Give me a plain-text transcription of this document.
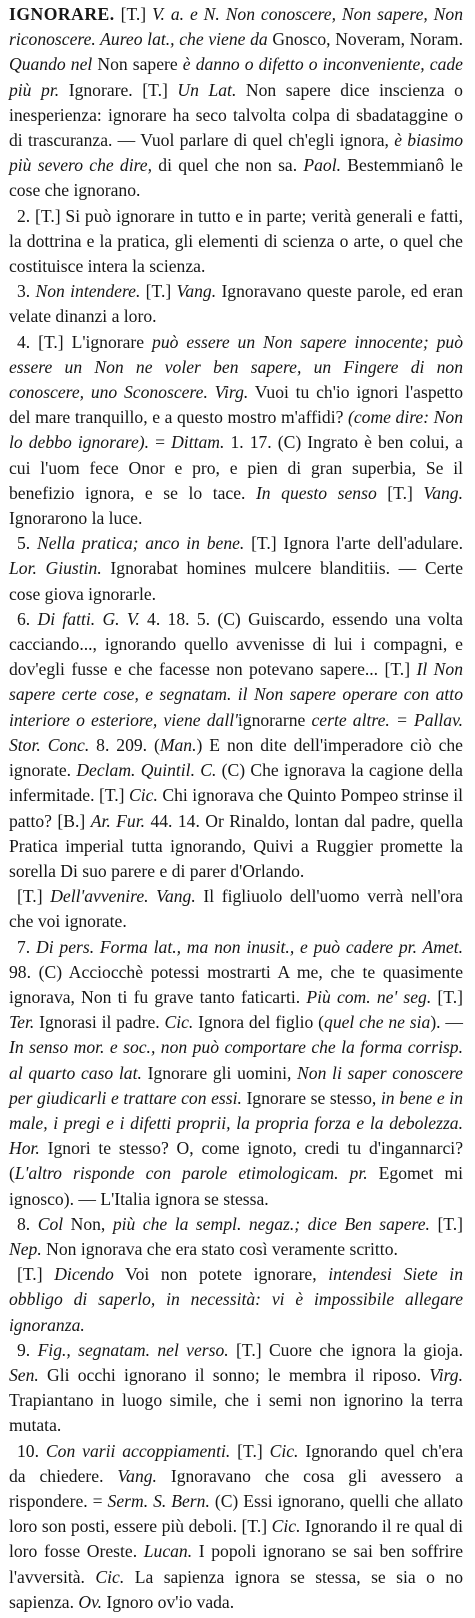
IGNORARE. [T.] V. a. e N. Non conoscere, Non sapere, Non riconoscere. Aureo lat., che viene da Gnosco, Noveram, Noram. Quando nel Non sapere è danno o difetto o inconveniente, cade più pr. Ignorare. [T.] Un Lat. Non sapere dice inscienza o inesperienza: ignorare ha seco talvolta colpa di sbadataggine o di trascuranza. — Vuol parlare di quel ch'egli ignora, è biasimo più severo che dire, di quel che non sa. Paol. Bestemmianô le cose che ignorano.

2. [T.] Si può ignorare in tutto e in parte; verità generali e fatti, la dottrina e la pratica, gli elementi di scienza o arte, o quel che costituisce intera la scienza.

3. Non intendere. [T.] Vang. Ignoravano queste parole, ed eran velate dinanzi a loro.

4. [T.] L'ignorare può essere un Non sapere innocente; può essere un Non ne voler ben sapere, un Fingere di non conoscere, uno Sconoscere. Virg. Vuoi tu ch'io ignori l'aspetto del mare tranquillo, e a questo mostro m'affidi? (come dire: Non lo debbo ignorare). = Dittam. 1. 17. (C) Ingrato è ben colui, a cui l'uom fece Onor e pro, e pien di gran superbia, Se il benefizio ignora, e se lo tace. In questo senso [T.] Vang. Ignorarono la luce.

5. Nella pratica; anco in bene. [T.] Ignora l'arte dell'adulare. Lor. Giustin. Ignorabat homines mulcere blanditiis. — Certe cose giova ignorarle.

6. Di fatti. G. V. 4. 18. 5. (C) Guiscardo, essendo una volta cacciando..., ignorando quello avvenisse di lui i compagni, e dov'egli fusse e che facesse non potevano sapere... [T.] Il Non sapere certe cose, e segnatam. il Non sapere operare con atto interiore o esteriore, viene dall'ignorarne certe altre. = Pallav. Stor. Conc. 8. 209. (Man.) E non dite dell'imperadore ciò che ignorate. Declam. Quintil. C. (C) Che ignorava la cagione della infermitade. [T.] Cic. Chi ignorava che Quinto Pompeo strinse il patto? [B.] Ar. Fur. 44. 14. Or Rinaldo, lontan dal padre, quella Pratica imperial tutta ignorando, Quivi a Ruggier promette la sorella Di suo parere e di parer d'Orlando.

[T.] Dell'avvenire. Vang. Il figliuolo dell'uomo verrà nell'ora che voi ignorate.

7. Di pers. Forma lat., ma non inusit., e può cadere pr. Amet. 98. (C) Acciocchè potessi mostrarti A me, che te quasimente ignorava, Non ti fu grave tanto faticarti. Più com. ne' seg. [T.] Ter. Ignorasi il padre. Cic. Ignora del figlio (quel che ne sia). — In senso mor. e soc., non può comportare che la forma corrisp. al quarto caso lat. Ignorare gli uomini, Non li saper conoscere per giudicarli e trattare con essi. Ignorare se stesso, in bene e in male, i pregi e i difetti proprii, la propria forza e la debolezza. Hor. Ignori te stesso? O, come ignoto, credi tu d'ingannarci? (L'altro risponde con parole etimologicam. pr. Egomet mi ignosco). — L'Italia ignora se stessa.

8. Col Non, più che la sempl. negaz.; dice Ben sapere. [T.] Nep. Non ignorava che era stato così veramente scritto.

[T.] Dicendo Voi non potete ignorare, intendesi Siete in obbligo di saperlo, in necessità: vi è impossibile allegare ignoranza.

9. Fig., segnatam. nel verso. [T.] Cuore che ignora la gioja. Sen. Gli occhi ignorano il sonno; le membra il riposo. Virg. Trapiantano in luogo simile, che i semi non ignorino la terra mutata.

10. Con varii accoppiamenti. [T.] Cic. Ignorando quel ch'era da chiedere. Vang. Ignoravano che cosa gli avessero a rispondere. = Serm. S. Bern. (C) Essi ignorano, quelli che allato loro son posti, essere più deboli. [T.] Cic. Ignorando il re qual di loro fosse Oreste. Lucan. I popoli ignorano se sai ben soffrire l'avversità. Cic. La sapienza ignora se stessa, se sia o no sapienza. Ov. Ignoro ov'io vada.
